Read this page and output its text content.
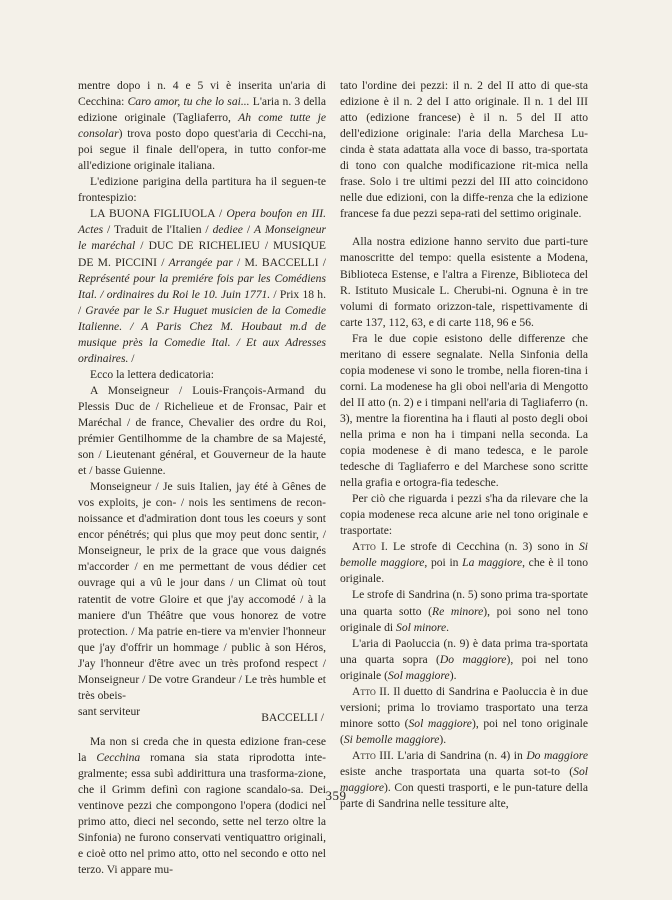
mentre dopo i n. 4 e 5 vi è inserita un'aria di Cecchina: Caro amor, tu che lo sai... L'aria n. 3 della edizione originale (Tagliaferro, Ah come tutte je consolar) trova posto dopo quest'aria di Cecchi-na, poi segue il finale dell'opera, in tutto confor-me all'edizione originale italiana.

L'edizione parigina della partitura ha il seguen-te frontespizio:

LA BUONA FIGLIUOLA / Opera boufon en III. Actes / Traduit de l'Italien / dediee / A Monseigneur le maréchal / DUC DE RICHELIEU / MUSIQUE DE M. PICCINI / Arrangée par / M. BACCELLI / Représenté pour la premiére fois par les Comédiens Ital. / ordinaires du Roi le 10. Juin 1771. / Prix 18 h. / Gravée par le S.r Huguet musicien de la Comedie Italienne. / A Paris Chez M. Houbaut m.d de musique près la Comedie Ital. / Et aux Adresses ordinaires. /

Ecco la lettera dedicatoria:

A Monseigneur / Louis-François-Armand du Plessis Duc de / Richelieue et de Fronsac, Pair et Maréchal / de france, Chevalier des ordre du Roi, prémier Gentilhomme de la chambre de sa Majesté, son / Lieutenant général, et Gouverneur de la haute et / basse Guienne.

Monseigneur / Je suis Italien, jay été à Gênes de vos exploits, je con- / nois les sentimens de recon-noissance et d'admiration dont tous les coeurs y sont encor pénétrés; qui plus que moy peut donc sentir, / Monseigneur, le prix de la grace que vous daignés m'accorder / en me permettant de vous dédier cet ouvrage qui a vû le jour dans / un Climat où tout ratentit de votre Gloire et que j'ay accomodé / à la maniere d'un Théâtre que vous honorez de votre protection. / Ma patrie en-tiere va m'envier l'honneur que j'ay d'offrir un hommage / public à son Héros, J'ay l'honneur d'être avec un très profond respect / Monseigneur / De votre Grandeur / Le très humble et très obeis-

sant serviteur	BACCELLI /

Ma non si creda che in questa edizione fran-cese la Cecchina romana sia stata riprodotta inte-gralmente; essa subì addirittura una trasforma-zione, che il Grimm definì con ragione scandalo-sa. Dei ventinove pezzi che compongono l'opera (dodici nel primo atto, dieci nel secondo, sette nel terzo oltre la Sinfonia) ne furono conservati ventiquattro originali, e cioè otto nel primo atto, otto nel secondo e otto nel terzo. Vi appare mu-

tato l'ordine dei pezzi: il n. 2 del II atto di que-sta edizione è il n. 2 del I atto originale. Il n. 1 del III atto (edizione francese) è il n. 5 del II atto dell'edizione originale: l'aria della Marchesa Lu-cinda è stata adattata alla voce di basso, tra-sportata di tono con qualche modificazione rit-mica nella frase. Solo i tre ultimi pezzi del III atto coincidono nelle due edizioni, con la diffe-renza che la edizione francese fa due pezzi sepa-rati del settimo originale.

Alla nostra edizione hanno servito due parti-ture manoscritte del tempo: quella esistente a Modena, Biblioteca Estense, e l'altra a Firenze, Biblioteca del R. Istituto Musicale L. Cherubi-ni. Ognuna è in tre volumi di formato orizzon-tale, rispettivamente di carte 137, 112, 63, e di carte 118, 96 e 56.

Fra le due copie esistono delle differenze che meritano di essere segnalate. Nella Sinfonia della copia modenese vi sono le trombe, nella fioren-tina i corni. La modenese ha gli oboi nell'aria di Mengotto del II atto (n. 2) e i timpani nell'aria di Tagliaferro (n. 3), mentre la fiorentina ha i flauti al posto degli oboi nella prima e non ha i timpani nella seconda. La copia modenese è di mano tedesca, e le parole tedesche di Tagliaferro e del Marchese sono scritte nella grafia e ortogra-fia tedesche.

Per ciò che riguarda i pezzi s'ha da rilevare che la copia modenese reca alcune arie nel tono originale e trasportate:

Atto I. Le strofe di Cecchina (n. 3) sono in Si bemolle maggiore, poi in La maggiore, che è il tono originale.

Le strofe di Sandrina (n. 5) sono prima tra-sportate una quarta sotto (Re minore), poi sono nel tono originale di Sol minore.

L'aria di Paoluccia (n. 9) è data prima tra-sportata una quarta sopra (Do maggiore), poi nel tono originale (Sol maggiore).

Atto II. Il duetto di Sandrina e Paoluccia è in due versioni; prima lo troviamo trasportato una terza minore sotto (Sol maggiore), poi nel tono originale (Si bemolle maggiore).

Atto III. L'aria di Sandrina (n. 4) in Do maggiore esiste anche trasportata una quarta sot-to (Sol maggiore). Con questi trasporti, e le pun-tature della parte di Sandrina nelle tessiture alte,

359
